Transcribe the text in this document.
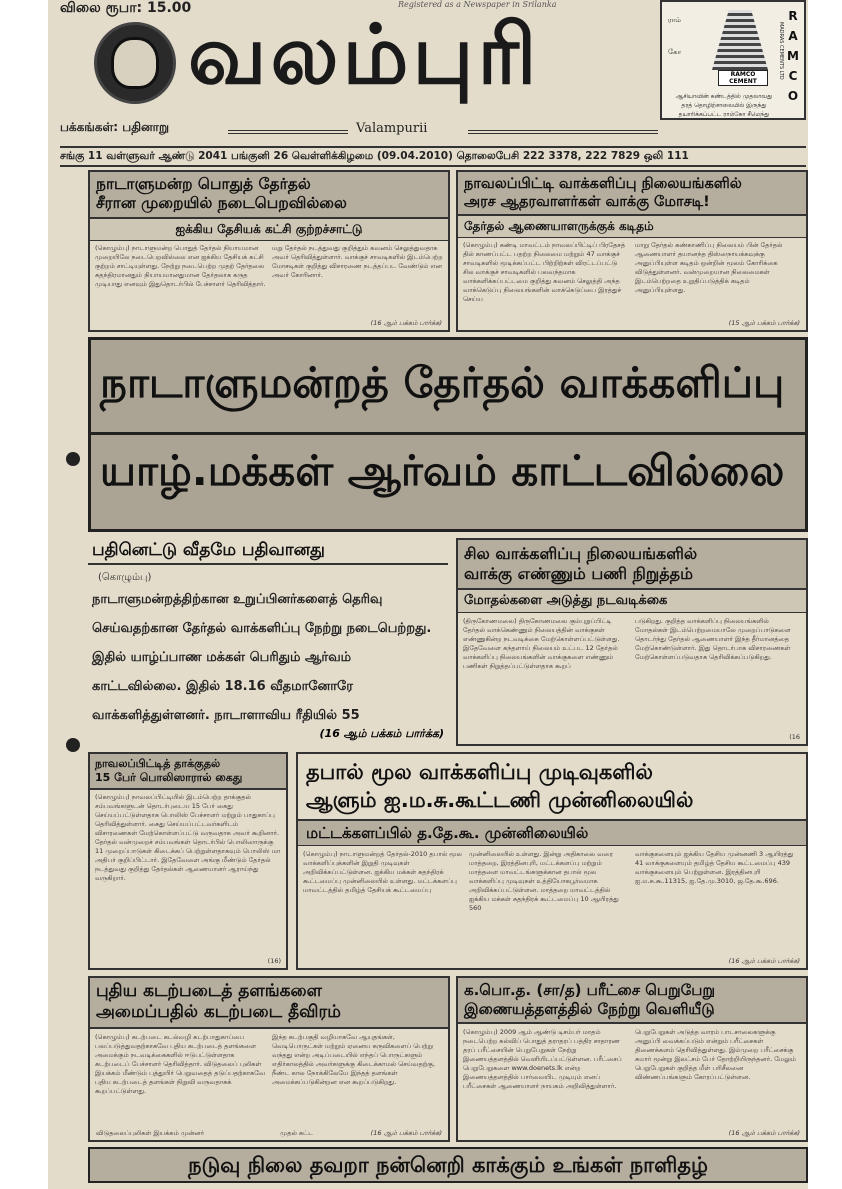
விலை ரூபா: 15.00	Registered as a Newspaper in Srilanka
வலம்புரி	R
A
M
C
O
ராம்
கோ	MADRAS CEMENTS LTD
RAMCO CEMENT
ஆசியாவின் கண்டத்தில் முதலாவது
தரத் தொழிற்சாலையில் இருந்து
தயாரிக்கப்பட்ட ராம்கோ சீமெந்து
பக்கங்கள்: பதினாறு	Valampurii
சங்கு 11 வள்ளுவர் ஆண்டு 2041 பங்குனி 26 வெள்ளிக்கிழமை (09.04.2010) தொலைபேசி 222 3378, 222 7829 ஒலி 111
நாடாளுமன்ற பொதுத் தேர்தல்
சீரான முறையில் நடைபெறவில்லை
ஐக்கிய தேசியக் கட்சி குற்றச்சாட்டு
(கொழும்பு) நாடாளுமன்ற பொதுத் தேர்தல் நியாயமான முறையிலே நடைபெறவில்லை என ஐக்கிய தேசியக் கட்சி குற்றம் சாட்டியுள்ளது. நேற்று நடைபெற்ற முதற் தேர்தலை சுதந்திரமானதும் நியாயமானதுமான தேர்தலாக கருத முடியாது எனவும் இதுதொடர்பில் பேச்சாளர் தெரிவித்தார்.
மறு தேர்தல் நடத்துவது குறித்தும் கவனம் செலுத்துவதாக அவர் தெரிவித்துள்ளார். வாக்குச் சாவடிகளில் இடம்பெற்ற மோசடிகள் குறித்து விசாரணை நடத்தப்பட வேண்டும் என அவர் கோரினார்.
(16 ஆம் பக்கம் பார்க்க)
நாவலப்பிட்டி வாக்களிப்பு நிலையங்களில்
அரச ஆதரவாளர்கள் வாக்கு மோசடி!
தேர்தல் ஆணையாளருக்குக் கடிதம்
(கொழும்பு) கண்டி மாவட்டம் நாவலப்பிட்டிப் பிரதேசத் தில் காணப்பட்ட பதற்ற நிலைமை மற்றும் 47 வாக்குச் சாவடிகளில் மூடிக்கப்பட்ட பிற்றிற்கள் விரட்டப்பட்டு சில வாக்குச் சாவடிகளில் பலவந்தமாக வாக்களிக்கப்பட்டமை குறித்து கவனம் செலுத்தி அந்த வாக்கெடுப்பு நிலையங்களின் வாக்கெடுப்பை இரத்துச் செய்ய
மாறு தேர்தல் கண்காணிப்பு நிலையம் பின் தேர்தல் ஆணையாளர் தயானந்த திஸ்ஸநாயக்கவுக்கு அனுப்பியுள்ள கடிதம் ஒன்றின் மூலம் கோரிக்கை விடுத்துள்ளனர். வன்முறையான நிலைமைகள் இடம்பெற்றதை உறுதிப்படுத்திக் கடிதம் அனுப்பியுள்ளது.
(15 ஆம் பக்கம் பார்க்க)
நாடாளுமன்றத் தேர்தல் வாக்களிப்பு
யாழ்.மக்கள் ஆர்வம் காட்டவில்லை
பதினெட்டு வீதமே பதிவானது
(கொழும்பு)
நாடாளுமன்றத்திற்கான உறுப்பினர்களைத் தெரிவு செய்வதற்கான தேர்தல் வாக்களிப்பு நேற்று நடைபெற்றது. இதில் யாழ்ப்பாண மக்கள் பெரிதும் ஆர்வம் காட்டவில்லை. இதில் 18.16 வீதமானோரே வாக்களித்துள்ளனர். நாடாளாவிய ரீதியில் 55
(16 ஆம் பக்கம் பார்க்க)
சில வாக்களிப்பு நிலையங்களில்
வாக்கு எண்ணும் பணி நிறுத்தம்
மோதல்களை அடுத்து நடவடிக்கை
(திருகோணமலை) திருகோணமலை கும்புறுப்பிட்டி தேர்தல் வாக்கெண்ணும் நிலையத்தின் வாக்குகள் எண்ணுகின்ற நடவடிக்கை மேற்கொள்ளப்பட்டுள்ளது. இதேவேளை கந்தளாய் நிலையம் உட்பட 12 தேர்தல் வாக்களிப்பு நிலையங்களின் வாக்குகளை எண்ணும் பணிகள் நிறுத்தப்பட்டுள்ளதாக கூறப்
படுகிறது. குறித்த வாக்களிப்பு நிலையங்களில் மோதல்கள் இடம்பெற்றமையாலே முறைப்பாடுகளை தொடர்ந்து தேர்தல் ஆணையாளர் இந்த தீர்மானத்தை மேற்கொண்டுள்ளார். இது தொடர்பாக விசாரணைகள் மேற்கொள்ளப்படுவதாக தெரிவிக்கப்படுகிறது.
(16
நாவலப்பிட்டித் தாக்குதல்
15 பேர் பொலிஸாரால் கைது
(கொழும்பு) நாவலப்பிட்டியில் இடம்பெற்ற தாக்குதல் சம்பவங்களுடன் தொடர்புடைய 15 பேர் கைது செய்யப்பட்டுள்ளதாக பொலிஸ் பேச்சாளர் மற்றும் பாதுகாப்பு தெரிவித்துள்ளார். கைது செய்யப்பட்டவர்களிடம் விசாரணைகள் மேற்கொள்ளப்பட்டு வருவதாக அவர் கூறினார். தேர்தல் வன்முறைச் சம்பவங்கள் தொடர்பில் பொலிஸாருக்கு 11 முறைப்பாடுகள் கிடைக்கப் பெற்றுள்ளதாகவும் பொலிஸ் மா அதிபர் குறிப்பிட்டார். இதேவேளை அங்கு மீண்டும் தேர்தல் நடத்துவது குறித்து தேர்தல்கள் ஆணையாளர் ஆராய்ந்து வருகிறார்.
(16)
தபால் மூல வாக்களிப்பு முடிவுகளில்
ஆளும் ஐ.ம.சு.கூட்டணி முன்னிலையில்
மட்டக்களப்பில் த.தே.கூ. முன்னிலையில்
(கொழும்பு) நாடாளுமன்றத் தேர்தல்-2010 தபால் மூல வாக்களிப்புக்களின் இறுதி முடிவுகள் அறிவிக்கப்பட்டுள்ளன. ஐக்கிய மக்கள் சுதந்திரக் கூட்டமைப்பு முன்னிலையில் உள்ளது. மட்டக்களப்பு மாவட்டத்தில் தமிழ்த் தேசியக் கூட்டமைப்பு
முன்னிலையில் உள்ளது. இன்று அதிகாலை வரை மாத்தறை, இரத்தினபுரி, மட்டக்களப்பு மற்றும் மாத்தளை மாவட்டங்களுக்கான தபால் மூல வாக்களிப்பு முடிவுகள் உத்தியோகபூர்வமாக அறிவிக்கப்பட்டுள்ளன. மாத்தறை மாவட்டத்தில் ஐக்கிய மக்கள் சுதந்திரக் கூட்டமைப்பு 10 ஆயிரத்து 560
வாக்குகளையும் ஐக்கிய தேசிய முன்னணி 3 ஆயிரத்து 41 வாக்குகளையும் தமிழ்த் தேசிய கூட்டமைப்பு 439 வாக்குகளையும் பெற்றுள்ளன. இரத்தினபுரி ஐ.ம.சு.கூ.11315, ஐ.தே.மு.3010, ஜ.தே.கூ.696.
(16 ஆம் பக்கம் பார்க்க)
புதிய கடற்படைத் தளங்களை
அமைப்பதில் கடற்படை தீவிரம்
(கொழும்பு) கடற்படை கடல்வழி கடற்பாதுகாப்பை பலப்படுத்துவதற்காகவே புதிய கடற்படைத் தளங்களை அமைக்கும் நடவடிக்கைகளில் ஈடுபட்டுள்ளதாக கடற்படைப் பேச்சாளர் தெரிவித்தார். விடுதலைப் புலிகள் இயக்கம் மீண்டும் புத்துயிர் பெறுவதைத் தடுப்பதற்காகவே புதிய கடற்படைத் தளங்கள் நிறுவி வருவதாகக் கூறப்பட்டுள்ளது.
இந்த கடற்பகுதி வழியாகவே ஆயுதங்கள், வெடிபொருட்கள் மற்றும் ஏனைய கருவிகளைப் பெற்று வந்தது என்ற அடிப்படையில் எந்தப் பொருட்களும் எதிர்காலத்தில் அவர்களுக்கு கிடைக்காமல் செய்வதற்கு, நீண்ட கால நோக்கிலேயே இந்தத் தளங்கள் அமைக்கப்படுகின்றன என கூறப்படுகிறது.
விடுதலைப்புலிகள் இயக்கம் முன்னர்	முதல் கட்ட	(16 ஆம் பக்கம் பார்க்க)
க.பொ.த. (சா/த) பரீட்சை பெறுபேறு
இணையத்தளத்தில் நேற்று வெளியீடு
(கொழும்பு) 2009 ஆம் ஆண்டு டிசம்பர் மாதம் நடைபெற்ற கல்விப் பொதுத் தராதரப் பத்திர சாதாரண தரப் பரீட்சையின் பெறுபேறுகள் நேற்று இணையத்தளத்தில் வெளியிடப்பட்டுள்ளன. பரீட்சைப் பெறுபேறுகளை www.doenets.lk என்ற இணையத்தளத்தில் பார்வையிட முடியும் எனப் பரீட்சைகள் ஆணையாளர் நாயகம் அறிவித்துள்ளார்.
பெறுபேறுகள் அடுத்த வாரம் பாடசாலைகளுக்கு அனுப்பி வைக்கப்படும் என்றும் பரீட்சைகள் திணைக்களம் தெரிவித்துள்ளது. இம்முறை பரீட்சைக்கு சுமார் மூன்று இலட்சம் பேர் தோற்றியிருந்தனர். மேலும் பெறுபேறுகள் குறித்த மீள் பரிசீலனை விண்ணப்பங்களும் கோரப்பட்டுள்ளன.
(16 ஆம் பக்கம் பார்க்க)
நடுவு நிலை தவறா நன்னெறி காக்கும் உங்கள் நாளிதழ்
